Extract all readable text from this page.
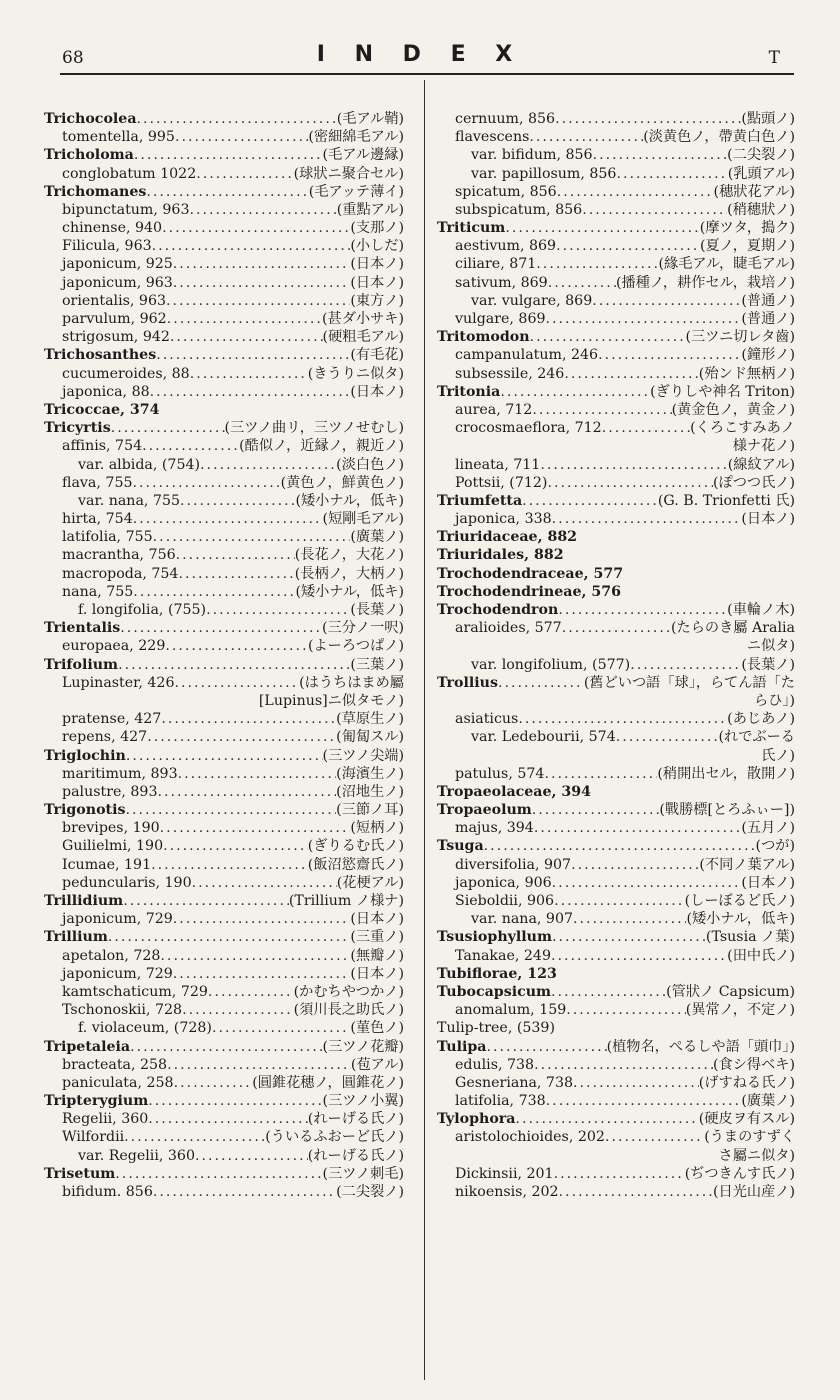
68	I N D E X	T
Trichocolea .....	(毛アル鞘)
tomentella, 995 .....	(密細綿毛アル)
Tricholoma .....	(毛アル邊縁)
conglobatum 1022 .....	(球狀ニ聚合セル)
Trichomanes .....	(毛アッテ薄イ)
bipunctatum, 963 .....	(重點アル)
chinense, 940 .....	(支那ノ)
Filicula, 963 .....	(小しだ)
japonicum, 925 .....	(日本ノ)
japonicum, 963 .....	(日本ノ)
orientalis, 963 .....	(東方ノ)
parvulum, 962 .....	(甚ダ小サキ)
strigosum, 942 .....	(硬粗毛アル)
Trichosanthes .....	(有毛花)
cucumeroides, 88 .....	(きうりニ似タ)
japonica, 88 .....	(日本ノ)
Tricoccae, 374
Tricyrtis .....	(三ツノ曲リ，三ツノせむし)
affinis, 754 .....	(酷似ノ，近縁ノ，親近ノ)
var. albida, (754) .....	(淡白色ノ)
flava, 755 .....	(黄色ノ，鮮黄色ノ)
var. nana, 755 .....	(矮小ナル，低キ)
hirta, 754 .....	(短剛毛アル)
latifolia, 755 .....	(廣葉ノ)
macrantha, 756 .....	(長花ノ，大花ノ)
macropoda, 754 .....	(長柄ノ，大柄ノ)
nana, 755 .....	(矮小ナル，低キ)
f. longifolia, (755) .....	(長葉ノ)
Trientalis .....	(三分ノ一呎)
europaea, 229 .....	(よーろつぱノ)
Trifolium .....	(三葉ノ)
Lupinaster, 426 .....	(はうちはまめ屬
[Lupinus]ニ似タモノ)
pratense, 427 .....	(草原生ノ)
repens, 427 .....	(匍匐スル)
Triglochin .....	(三ツノ尖端)
maritimum, 893 .....	(海濱生ノ)
palustre, 893 .....	(沼地生ノ)
Trigonotis .....	(三節ノ耳)
brevipes, 190 .....	(短柄ノ)
Guilielmi, 190 .....	(ぎりるむ氏ノ)
Icumae, 191 .....	(飯沼慾齋氏ノ)
peduncularis, 190 .....	(花梗アル)
Trillidium .....	(Trillium ノ様ナ)
japonicum, 729 .....	(日本ノ)
Trillium .....	(三重ノ)
apetalon, 728 .....	(無瓣ノ)
japonicum, 729 .....	(日本ノ)
kamtschaticum, 729 .....	(かむちやつかノ)
Tschonoskii, 728 .....	(須川長之助氏ノ)
f. violaceum, (728) .....	(菫色ノ)
Tripetaleia .....	(三ツノ花瓣)
bracteata, 258 .....	(苞アル)
paniculata, 258 .....	(圓錐花穗ノ，圓錐花ノ)
Tripterygium .....	(三ツノ小翼)
Regelii, 360 .....	(れーげる氏ノ)
Wilfordii .....	(ういるふおーど氏ノ)
var. Regelii, 360 .....	(れーげる氏ノ)
Trisetum .....	(三ツノ刺毛)
bifidum. 856 .....	(二尖裂ノ)
cernuum, 856 .....	(點頭ノ)
flavescens .....	(淡黄色ノ，帶黄白色ノ)
var. bifidum, 856 .....	(二尖裂ノ)
var. papillosum, 856 .....	(乳頭アル)
spicatum, 856 .....	(穗狀花アル)
subspicatum, 856 .....	(稍穗狀ノ)
Triticum .....	(摩ツタ，搗ク)
aestivum, 869 .....	(夏ノ，夏期ノ)
ciliare, 871 .....	(緣毛アル，睫毛アル)
sativum, 869 .....	(播種ノ，耕作セル，栽培ノ)
var. vulgare, 869 .....	(普通ノ)
vulgare, 869 .....	(普通ノ)
Tritomodon .....	(三ツニ切レタ齒)
campanulatum, 246 .....	(鐘形ノ)
subsessile, 246 .....	(殆ンド無柄ノ)
Tritonia .....	(ぎりしや神名 Triton)
aurea, 712 .....	(黄金色ノ，黄金ノ)
crocosmaeflora, 712 .....	(くろこすみあノ
様ナ花ノ)
lineata, 711 .....	(線紋アル)
Pottsii, (712) .....	(ぽつつ氏ノ)
Triumfetta .....	(G. B. Trionfetti 氏)
japonica, 338 .....	(日本ノ)
Triuridaceae, 882
Triuridales, 882
Trochodendraceae, 577
Trochodendrineae, 576
Trochodendron .....	(車輪ノ木)
aralioides, 577 .....	(たらのき屬 Aralia
ニ似タ)
var. longifolium, (577) .....	(長葉ノ)
Trollius .....	(舊どいつ語「球」，らてん語「た
らひ」)
asiaticus .....	(あじあノ)
var. Ledebourii, 574 .....	(れでぶーる
氏ノ)
patulus, 574 .....	(稍開出セル，散開ノ)
Tropaeolaceae, 394
Tropaeolum .....	(戰勝標[とろふぃー])
majus, 394 .....	(五月ノ)
Tsuga .....	(つが)
diversifolia, 907 .....	(不同ノ葉アル)
japonica, 906 .....	(日本ノ)
Sieboldii, 906 .....	(しーぼるど氏ノ)
var. nana, 907 .....	(矮小ナル，低キ)
Tsusiophyllum .....	(Tsusia ノ葉)
Tanakae, 249 .....	(田中氏ノ)
Tubiflorae, 123
Tubocapsicum .....	(管狀ノ Capsicum)
anomalum, 159 .....	(異常ノ，不定ノ)
Tulip-tree, (539)
Tulipa .....	(植物名，ぺるしや語「頭巾」)
edulis, 738 .....	(食シ得ベキ)
Gesneriana, 738 .....	(げすねる氏ノ)
latifolia, 738 .....	(廣葉ノ)
Tylophora .....	(硬皮ヲ有スル)
aristolochioides, 202 .....	(うまのすずく
さ屬ニ似タ)
Dickinsii, 201 .....	(ぢつきんす氏ノ)
nikoensis, 202 .....	(日光山産ノ)
